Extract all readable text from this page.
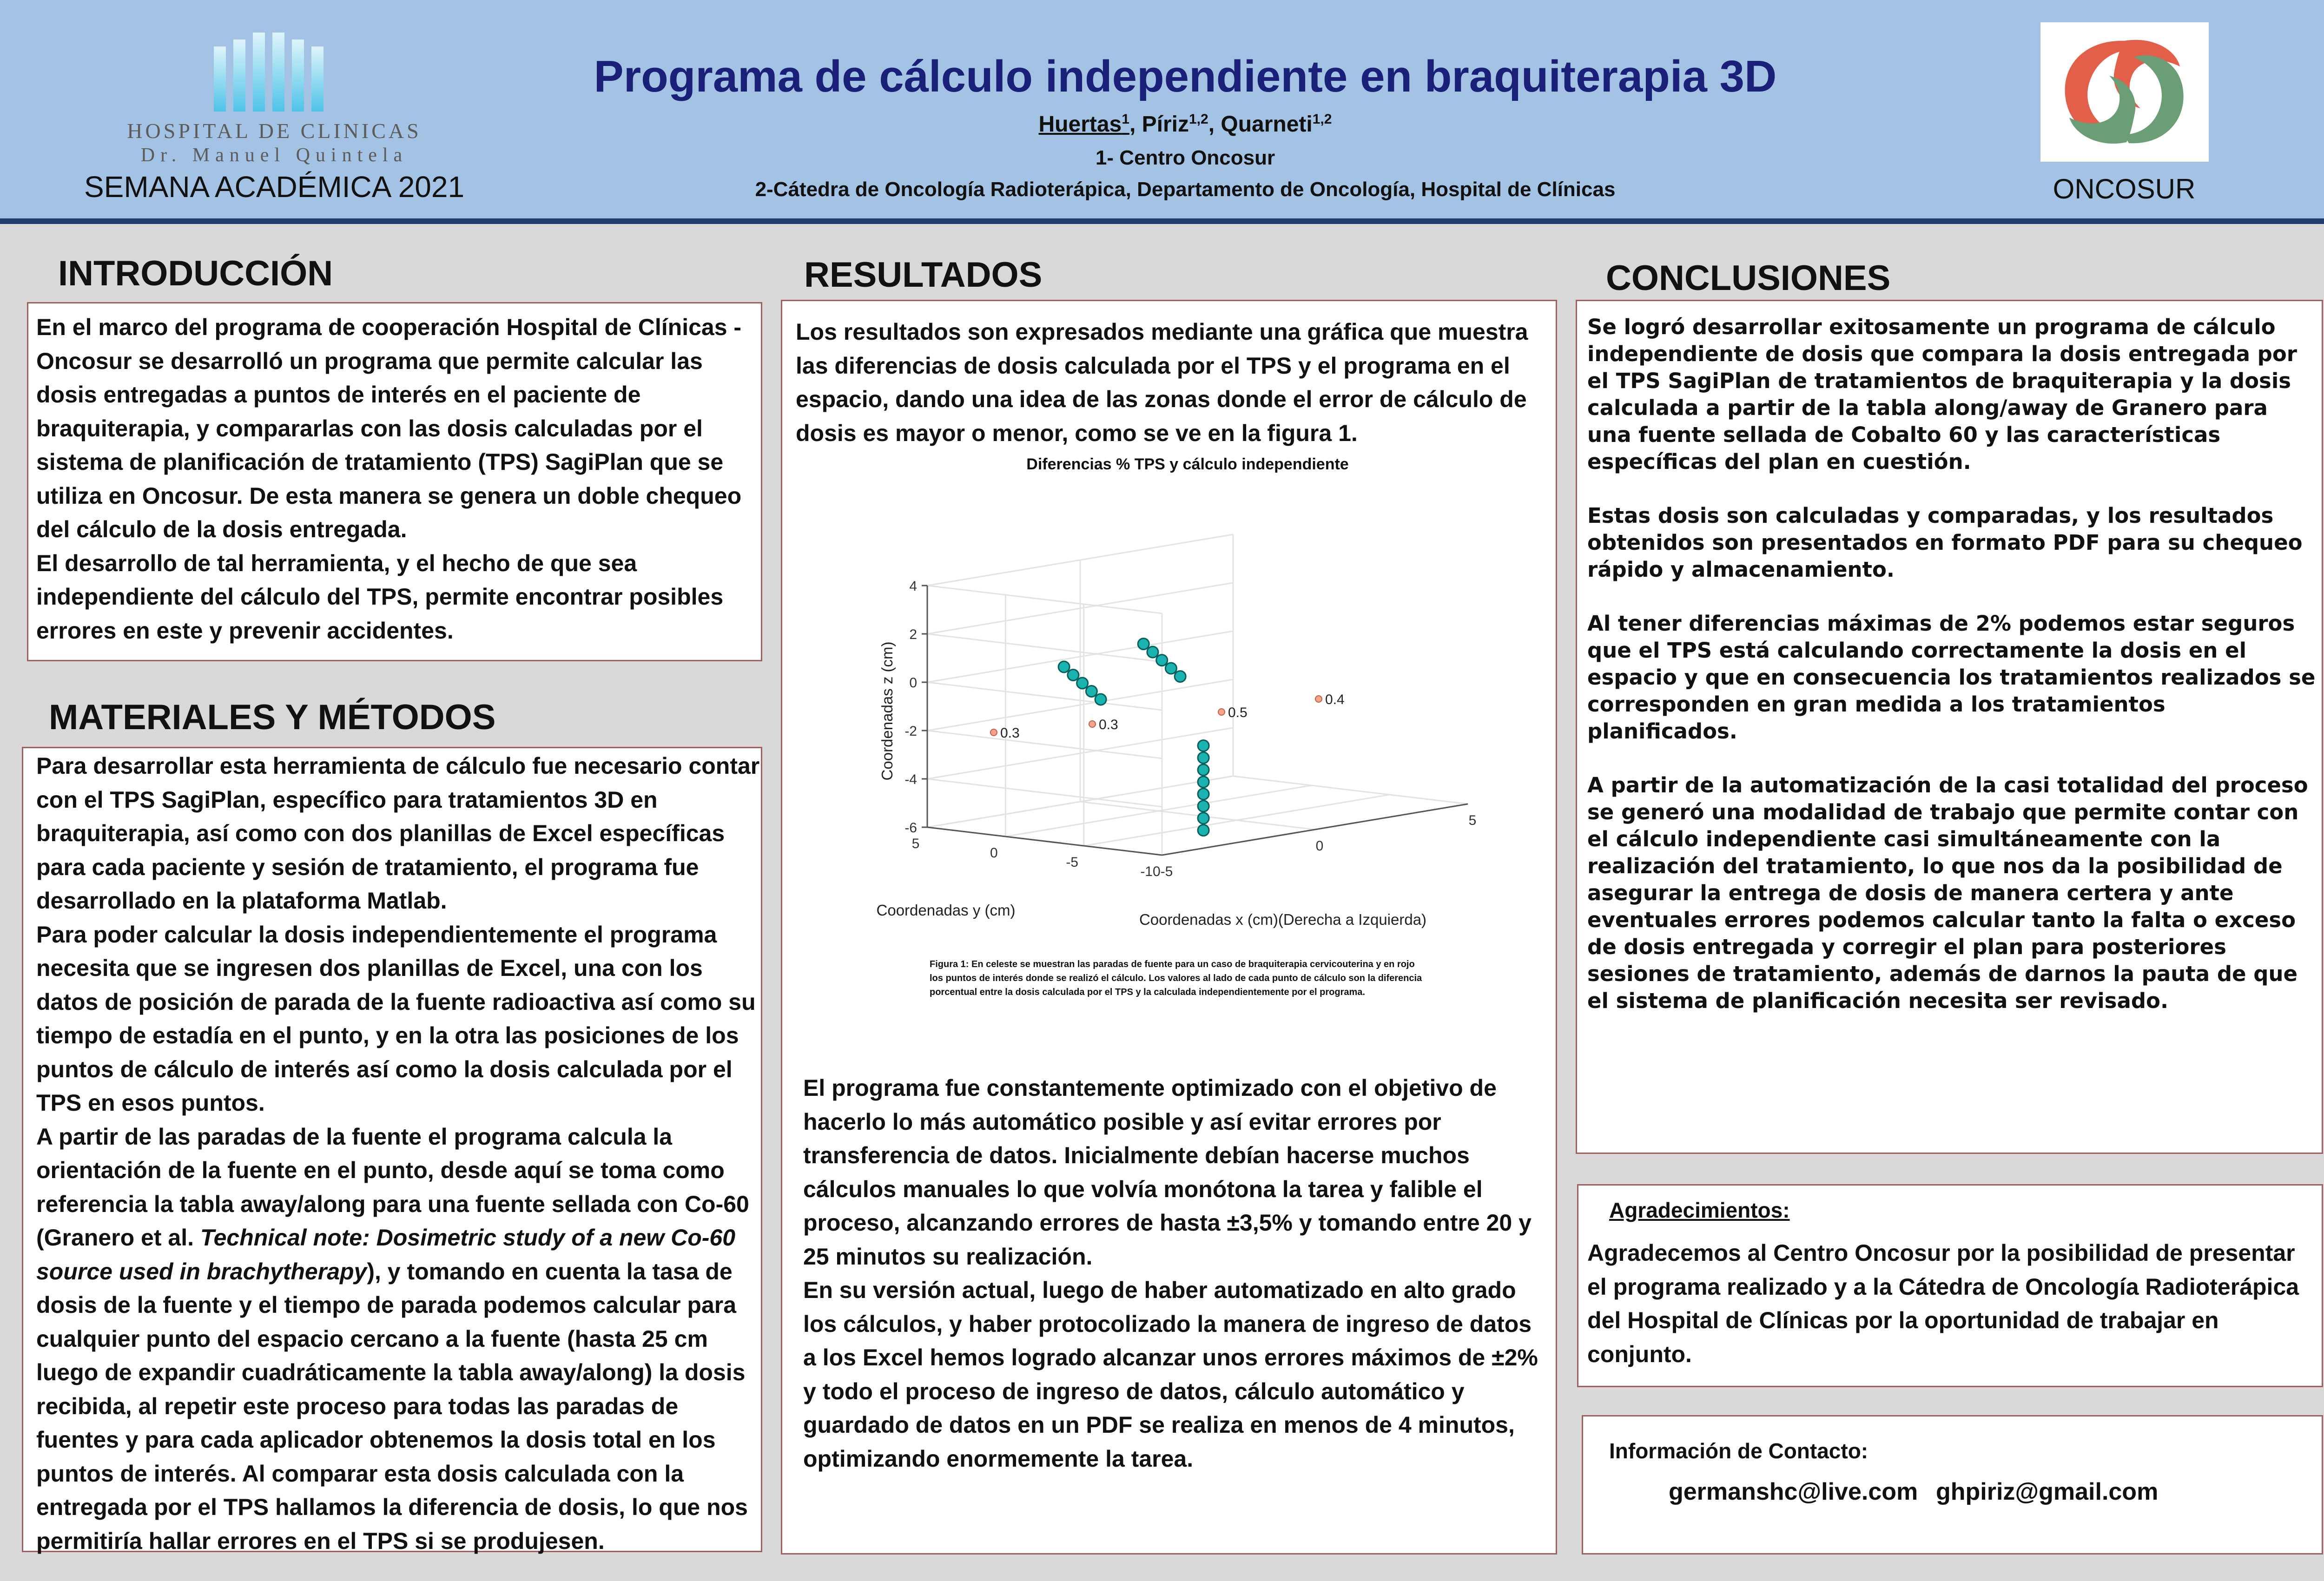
HOSPITAL DE CLINICAS
Dr. Manuel Quintela
SEMANA ACADÉMICA 2021
Programa de cálculo independiente en braquiterapia 3D
Huertas$^1$, Píriz$^{1,2}$, Quarneti$^{1,2}$
1- Centro Oncosur
2-Cátedra de Oncología Radioterápica, Departamento de Oncología, Hospital de Clínicas	ONCOSUR
INTRODUCCIÓN

En el marco del programa de cooperación Hospital de Clínicas - Oncosur se desarrolló un programa que permite calcular las dosis entregadas a puntos de interés en el paciente de braquiterapia, y compararlas con las dosis calculadas por el sistema de planificación de tratamiento (TPS) SagiPlan que se utiliza en Oncosur. De esta manera se genera un doble chequeo del cálculo de la dosis entregada.

El desarrollo de tal herramienta, y el hecho de que sea independiente del cálculo del TPS, permite encontrar posibles errores en este y prevenir accidentes.

MATERIALES Y MÉTODOS

Para desarrollar esta herramienta de cálculo fue necesario contar con el TPS SagiPlan, específico para tratamientos 3D en braquiterapia, así como con dos planillas de Excel específicas para cada paciente y sesión de tratamiento, el programa fue desarrollado en la plataforma Matlab.

Para poder calcular la dosis independientemente el programa necesita que se ingresen dos planillas de Excel, una con los datos de posición de parada de la fuente radioactiva así como su tiempo de estadía en el punto, y en la otra las posiciones de los puntos de cálculo de interés así como la dosis calculada por el TPS en esos puntos.

A partir de las paradas de la fuente el programa calcula la orientación de la fuente en el punto, desde aquí se toma como referencia la tabla away/along para una fuente sellada con Co-60 (Granero et al. Technical note: Dosimetric study of a new Co-60 source used in brachytherapy), y tomando en cuenta la tasa de dosis de la fuente y el tiempo de parada podemos calcular para cualquier punto del espacio cercano a la fuente (hasta 25 cm luego de expandir cuadráticamente la tabla away/along) la dosis recibida, al repetir este proceso para todas las paradas de fuentes y para cada aplicador obtenemos la dosis total en los puntos de interés. Al comparar esta dosis calculada con la entregada por el TPS hallamos la diferencia de dosis, lo que nos permitiría hallar errores en el TPS si se produjesen.

RESULTADOS
Los resultados son expresados mediante una gráfica que muestra las diferencias de dosis calculada por el TPS y el programa en el espacio, dando una idea de las zonas donde el error de cálculo de dosis es mayor o menor, como se ve en la figura 1.
Diferencias % TPS y cálculo independiente
4
2
0
-2
-4
-6
-10
-5
0
5
-5
0
5
0.3
0.3
0.5
0.4
Coordenadas z (cm)
Coordenadas y (cm)
Coordenadas x (cm)(Derecha a Izquierda)
Figura 1: En celeste se muestran las paradas de fuente para un caso de braquiterapia cervicouterina y en rojo los puntos de interés donde se realizó el cálculo. Los valores al lado de cada punto de cálculo son la diferencia porcentual entre la dosis calculada por el TPS y la calculada independientemente por el programa.

El programa fue constantemente optimizado con el objetivo de hacerlo lo más automático posible y así evitar errores por transferencia de datos. Inicialmente debían hacerse muchos cálculos manuales lo que volvía monótona la tarea y falible el proceso, alcanzando errores de hasta ±3,5% y tomando entre 20 y 25 minutos su realización.

En su versión actual, luego de haber automatizado en alto grado los cálculos, y haber protocolizado la manera de ingreso de datos a los Excel hemos logrado alcanzar unos errores máximos de ±2% y todo el proceso de ingreso de datos, cálculo automático y guardado de datos en un PDF se realiza en menos de 4 minutos, optimizando enormemente la tarea.

CONCLUSIONES

Se logró desarrollar exitosamente un programa de cálculo independiente de dosis que compara la dosis entregada por el TPS SagiPlan de tratamientos de braquiterapia y la dosis calculada a partir de la tabla along/away de Granero para una fuente sellada de Cobalto 60 y las características específicas del plan en cuestión.

Estas dosis son calculadas y comparadas, y los resultados obtenidos son presentados en formato PDF para su chequeo rápido y almacenamiento.

Al tener diferencias máximas de 2% podemos estar seguros que el TPS está calculando correctamente la dosis en el espacio y que en consecuencia los tratamientos realizados se corresponden en gran medida a los tratamientos planificados.

A partir de la automatización de la casi totalidad del proceso se generó una modalidad de trabajo que permite contar con el cálculo independiente casi simultáneamente con la realización del tratamiento, lo que nos da la posibilidad de asegurar la entrega de dosis de manera certera y ante eventuales errores podemos calcular tanto la falta o exceso de dosis entregada y corregir el plan para posteriores sesiones de tratamiento, además de darnos la pauta de que el sistema de planificación necesita ser revisado.

Agradecimientos:
Agradecemos al Centro Oncosur por la posibilidad de presentar el programa realizado y a la Cátedra de Oncología Radioterápica del Hospital de Clínicas por la oportunidad de trabajar en conjunto.
Información de Contacto:
germanshc@live.com ghpiriz@gmail.com
